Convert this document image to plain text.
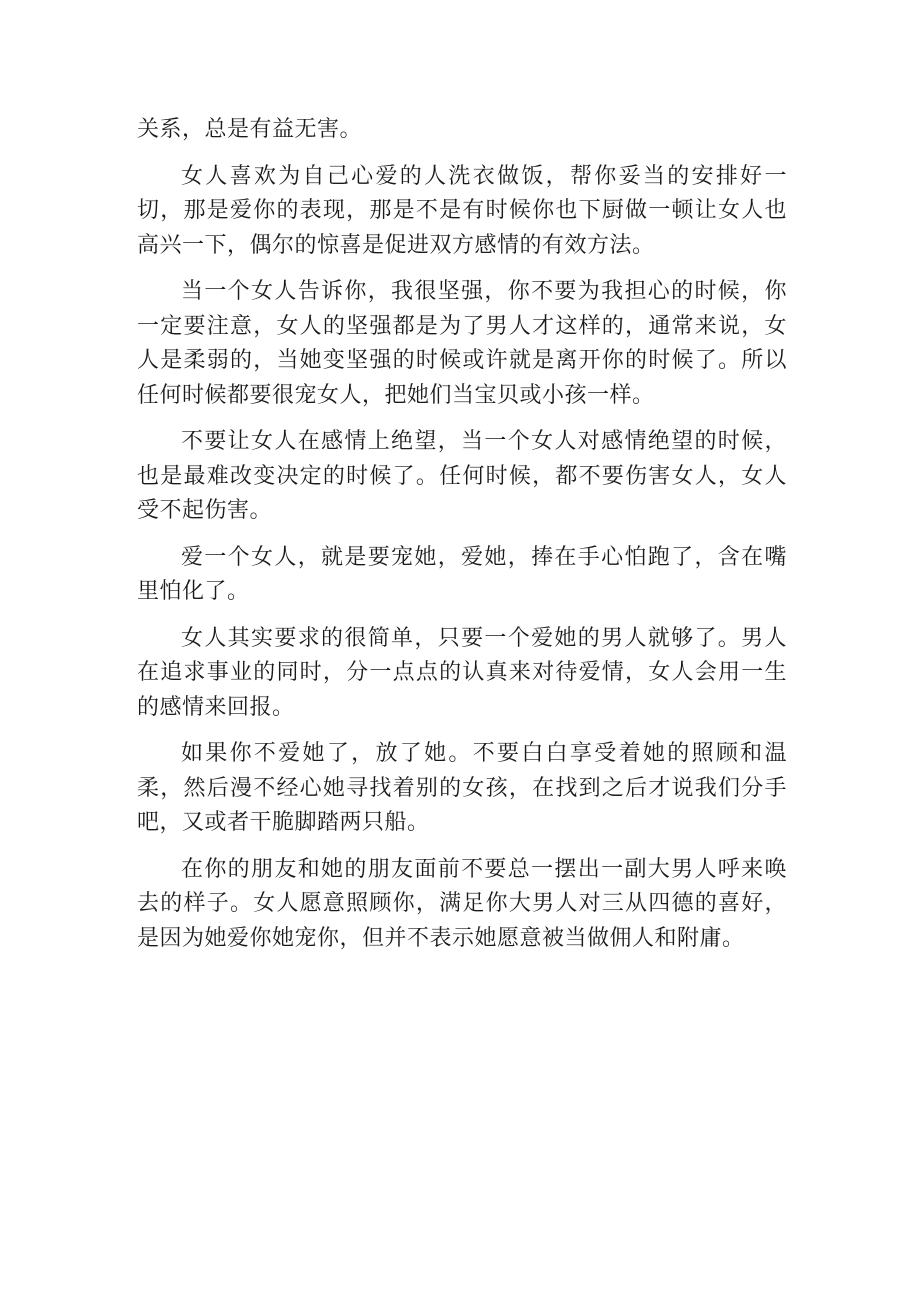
关系，总是有益无害。

女人喜欢为自己心爱的人洗衣做饭，帮你妥当的安排好一切，那是爱你的表现，那是不是有时候你也下厨做一顿让女人也高兴一下，偶尔的惊喜是促进双方感情的有效方法。

当一个女人告诉你，我很坚强，你不要为我担心的时候，你一定要注意，女人的坚强都是为了男人才这样的，通常来说，女人是柔弱的，当她变坚强的时候或许就是离开你的时候了。所以任何时候都要很宠女人，把她们当宝贝或小孩一样。

不要让女人在感情上绝望，当一个女人对感情绝望的时候，也是最难改变决定的时候了。任何时候，都不要伤害女人，女人受不起伤害。

爱一个女人，就是要宠她，爱她，捧在手心怕跑了，含在嘴里怕化了。

女人其实要求的很简单，只要一个爱她的男人就够了。男人在追求事业的同时，分一点点的认真来对待爱情，女人会用一生的感情来回报。

如果你不爱她了，放了她。不要白白享受着她的照顾和温柔，然后漫不经心她寻找着别的女孩，在找到之后才说我们分手吧，又或者干脆脚踏两只船。

在你的朋友和她的朋友面前不要总一摆出一副大男人呼来唤去的样子。女人愿意照顾你，满足你大男人对三从四德的喜好，是因为她爱你她宠你，但并不表示她愿意被当做佣人和附庸。
